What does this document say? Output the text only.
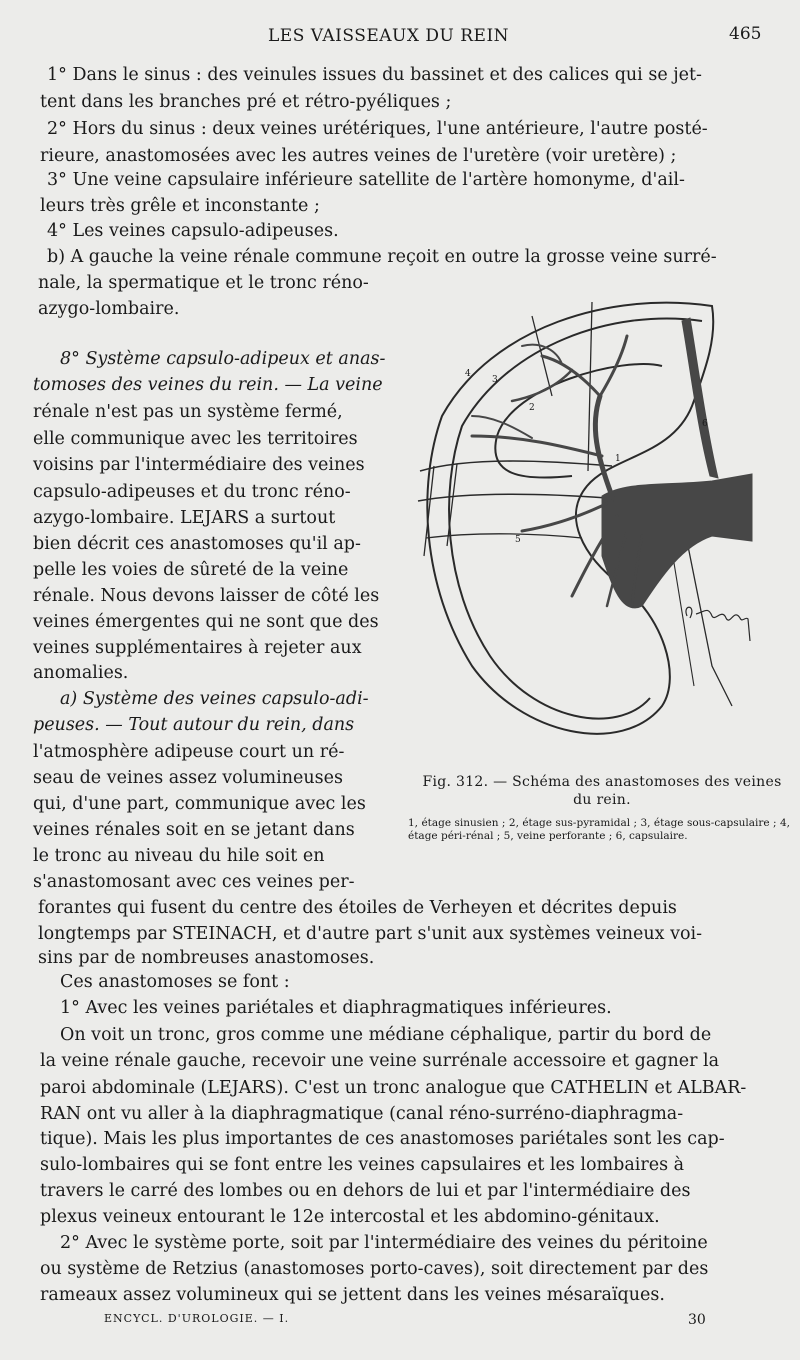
LES VAISSEAUX DU REIN	465
1° Dans le sinus : des veinules issues du bassinet et des calices qui se jet-
tent dans les branches pré et rétro-pyéliques ;
2° Hors du sinus : deux veines urétériques, l'une antérieure, l'autre posté-
rieure, anastomosées avec les autres veines de l'uretère (voir uretère) ;
3° Une veine capsulaire inférieure satellite de l'artère homonyme, d'ail-
leurs très grêle et inconstante ;
4° Les veines capsulo-adipeuses.
b) A gauche la veine rénale commune reçoit en outre la grosse veine surré-
nale, la spermatique et le tronc réno-
azygo-lombaire.
8° Système capsulo-adipeux et anas-
tomoses des veines du rein. — La veine
rénale n'est pas un système fermé,
elle communique avec les territoires
voisins par l'intermédiaire des veines
capsulo-adipeuses et du tronc réno-
azygo-lombaire. LEJARS a surtout
bien décrit ces anastomoses qu'il ap-
pelle les voies de sûreté de la veine
rénale. Nous devons laisser de côté les
veines émergentes qui ne sont que des
veines supplémentaires à rejeter aux
anomalies.
a) Système des veines capsulo-adi-
peuses. — Tout autour du rein, dans
l'atmosphère adipeuse court un ré-
seau de veines assez volumineuses
qui, d'une part, communique avec les
veines rénales soit en se jetant dans
le tronc au niveau du hile soit en
s'anastomosant avec ces veines per-
1
2
3
4
5
6
Fig. 312. — Schéma des anastomoses des veines du rein.
1, étage sinusien ; 2, étage sus-pyramidal ; 3, étage sous-capsulaire ; 4, étage péri-rénal ; 5, veine perforante ; 6, capsulaire.
forantes qui fusent du centre des étoiles de Verheyen et décrites depuis
longtemps par STEINACH, et d'autre part s'unit aux systèmes veineux voi-
sins par de nombreuses anastomoses.
Ces anastomoses se font :
1° Avec les veines pariétales et diaphragmatiques inférieures.
On voit un tronc, gros comme une médiane céphalique, partir du bord de
la veine rénale gauche, recevoir une veine surrénale accessoire et gagner la
paroi abdominale (LEJARS). C'est un tronc analogue que CATHELIN et ALBAR-
RAN ont vu aller à la diaphragmatique (canal réno-surréno-diaphragma-
tique). Mais les plus importantes de ces anastomoses pariétales sont les cap-
sulo-lombaires qui se font entre les veines capsulaires et les lombaires à
travers le carré des lombes ou en dehors de lui et par l'intermédiaire des
plexus veineux entourant le 12e intercostal et les abdomino-génitaux.
2° Avec le système porte, soit par l'intermédiaire des veines du péritoine
ou système de Retzius (anastomoses porto-caves), soit directement par des
rameaux assez volumineux qui se jettent dans les veines mésaraïques.
ENCYCL. D'UROLOGIE. — I.	30
